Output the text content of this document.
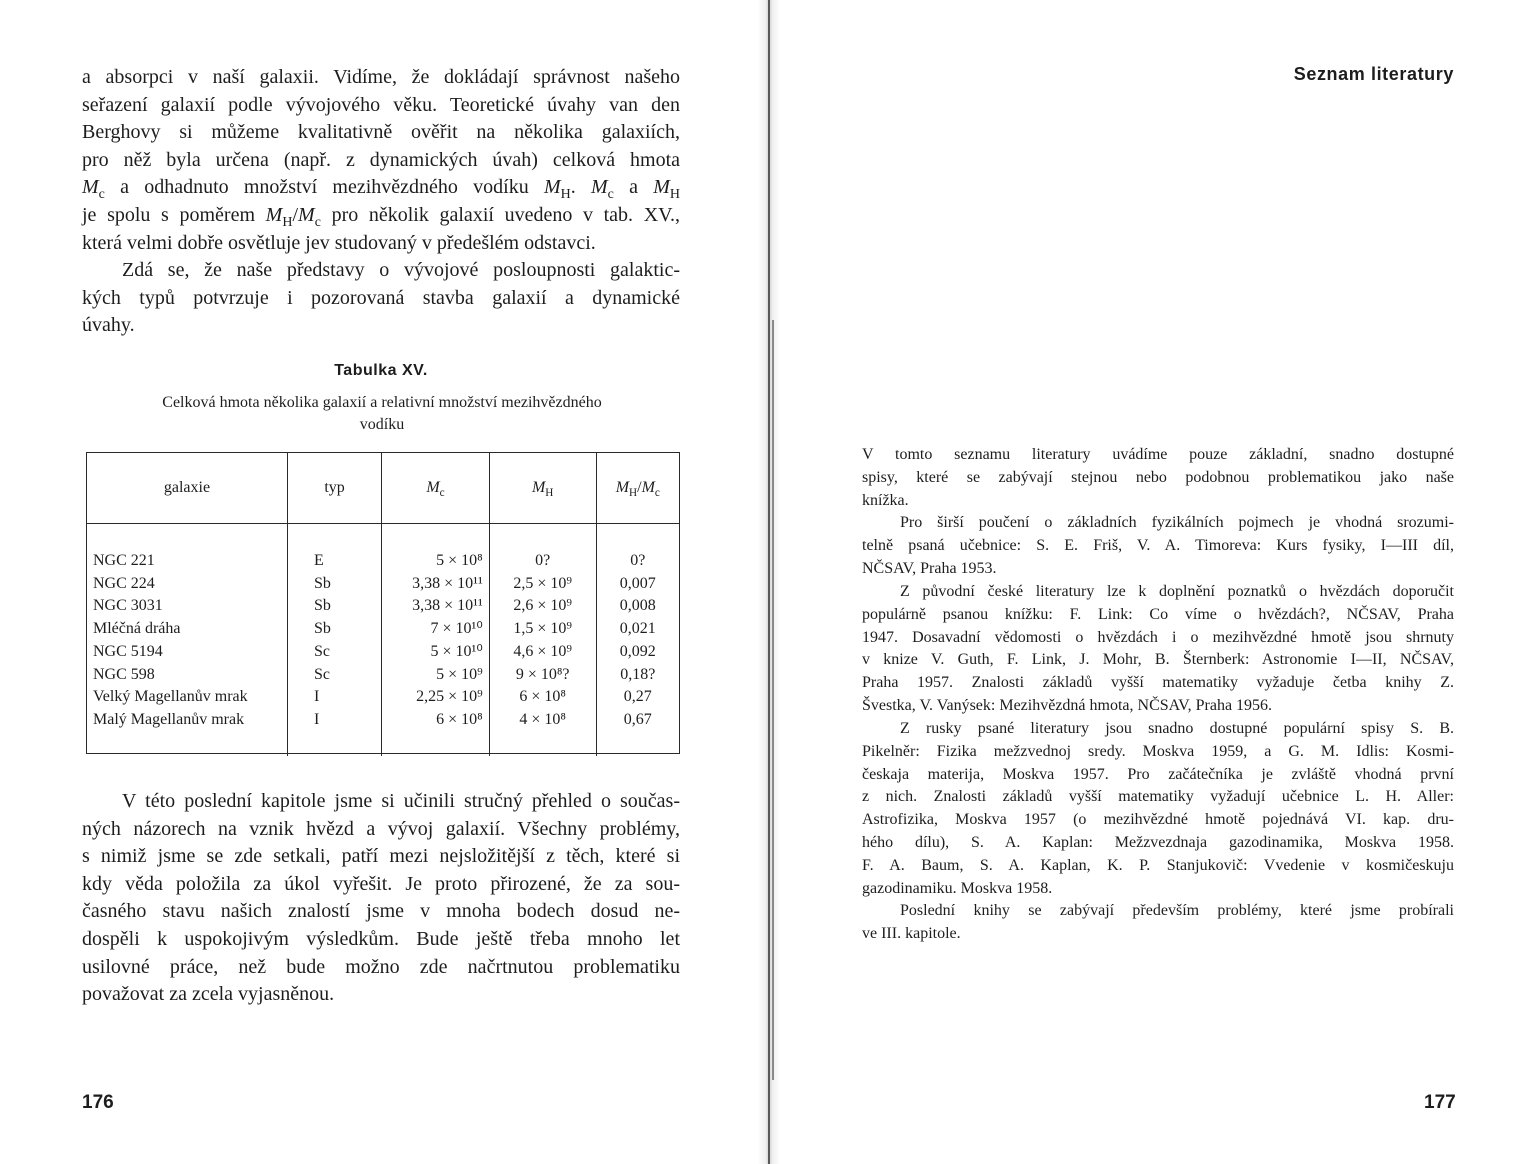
a absorpci v naší galaxii. Vidíme, že dokládají správnost našeho
seřazení galaxií podle vývojového věku. Teoretické úvahy van den
Berghovy si můžeme kvalitativně ověřit na několika galaxiích,
pro něž byla určena (např. z dynamických úvah) celková hmota
$M_c$ a odhadnuto množství mezihvězdného vodíku $M_H$. $M_c$ a $M_H$
je spolu s poměrem $M_H/M_c$ pro několik galaxií uvedeno v tab. XV.,
která velmi dobře osvětluje jev studovaný v předešlém odstavci.

Zdá se, že naše představy o vývojové posloupnosti galaktic-
kých typů potvrzuje i pozorovaná stavba galaxií a dynamické
úvahy.

Tabulka XV.
Celková hmota několika galaxií a relativní množství mezihvězdného
vodíku
galaxie	typ	$M_c$	$M_H$	$M_H/M_c$

NGC 221	E	5 × 10⁸	0?	0?
NGC 224	Sb	3,38 × 10¹¹	2,5 × 10⁹	0,007
NGC 3031	Sb	3,38 × 10¹¹	2,6 × 10⁹	0,008
Mléčná dráha	Sb	7 × 10¹⁰	1,5 × 10⁹	0,021
NGC 5194	Sc	5 × 10¹⁰	4,6 × 10⁹	0,092
NGC 598	Sc	5 × 10⁹	9 × 10⁸?	0,18?
Velký Magellanův mrak	I	2,25 × 10⁹	6 × 10⁸	0,27
Malý Magellanův mrak	I	6 × 10⁸	4 × 10⁸	0,67

V této poslední kapitole jsme si učinili stručný přehled o součas-
ných názorech na vznik hvězd a vývoj galaxií. Všechny problémy,
s nimiž jsme se zde setkali, patří mezi nejsložitější z těch, které si
kdy věda položila za úkol vyřešit. Je proto přirozené, že za sou-
časného stavu našich znalostí jsme v mnoha bodech dosud ne-
dospěli k uspokojivým výsledkům. Bude ještě třeba mnoho let
usilovné práce, než bude možno zde načrtnutou problematiku
považovat za zcela vyjasněnou.

176
Seznam literatury

V tomto seznamu literatury uvádíme pouze základní, snadno dostupné
spisy, které se zabývají stejnou nebo podobnou problematikou jako naše
knížka.

Pro širší poučení o základních fyzikálních pojmech je vhodná srozumi-
telně psaná učebnice: S. E. Friš, V. A. Timoreva: Kurs fysiky, I—III díl,
NČSAV, Praha 1953.

Z původní české literatury lze k doplnění poznatků o hvězdách doporučit
populárně psanou knížku: F. Link: Co víme o hvězdách?, NČSAV, Praha
1947. Dosavadní vědomosti o hvězdách i o mezihvězdné hmotě jsou shrnuty
v knize V. Guth, F. Link, J. Mohr, B. Šternberk: Astronomie I—II, NČSAV,
Praha 1957. Znalosti základů vyšší matematiky vyžaduje četba knihy Z.
Švestka, V. Vanýsek: Mezihvězdná hmota, NČSAV, Praha 1956.

Z rusky psané literatury jsou snadno dostupné populární spisy S. B.
Pikelněr: Fizika mežzvednoj sredy. Moskva 1959, a G. M. Idlis: Kosmi-
českaja materija, Moskva 1957. Pro začátečníka je zvláště vhodná první
z nich. Znalosti základů vyšší matematiky vyžadují učebnice L. H. Aller:
Astrofizika, Moskva 1957 (o mezihvězdné hmotě pojednává VI. kap. dru-
hého dílu), S. A. Kaplan: Mežzvezdnaja gazodinamika, Moskva 1958.
F. A. Baum, S. A. Kaplan, K. P. Stanjukovič: Vvedenie v kosmičeskuju
gazodinamiku. Moskva 1958.

Poslední knihy se zabývají především problémy, které jsme probírali
ve III. kapitole.

177
